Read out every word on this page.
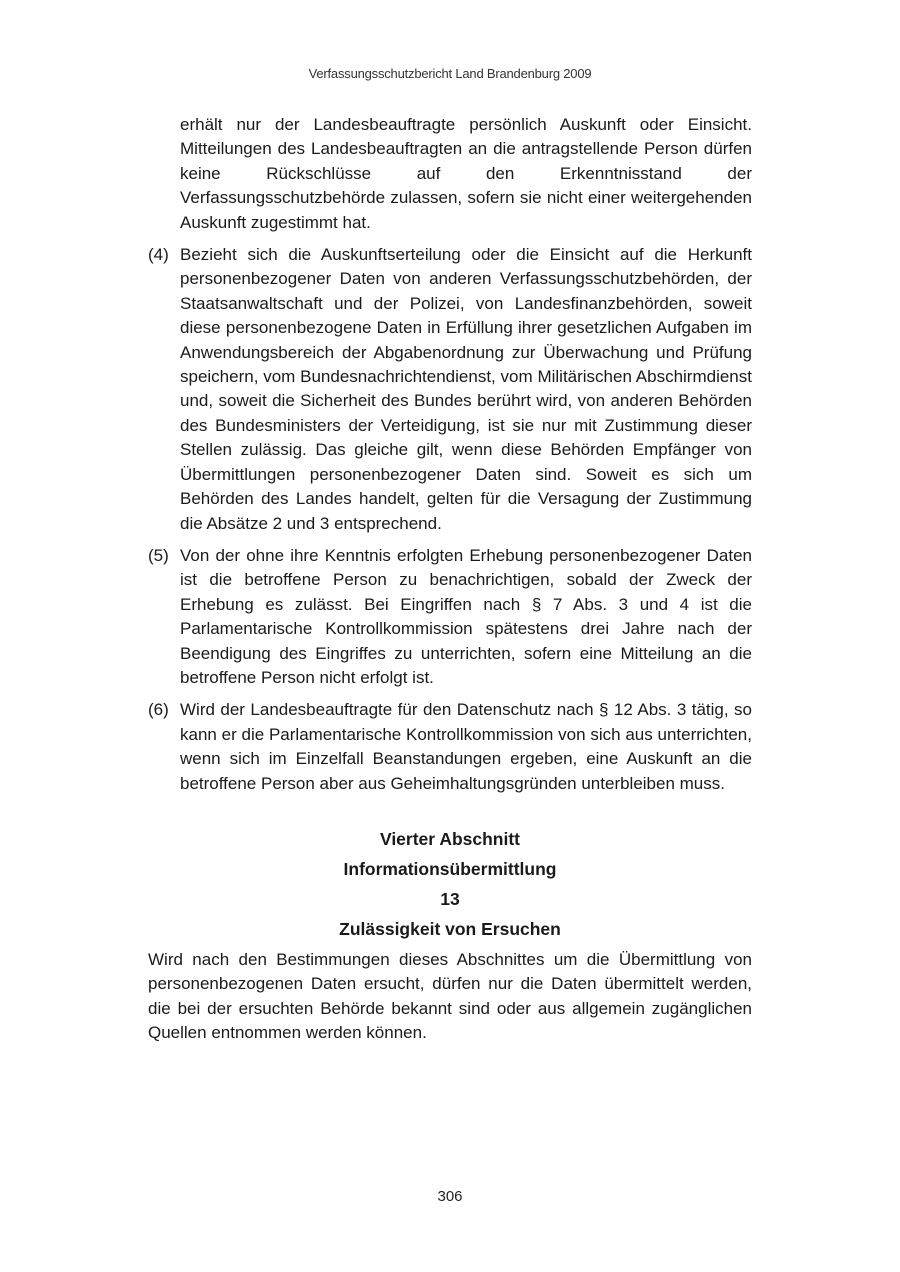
Verfassungsschutzbericht Land Brandenburg 2009

erhält nur der Landesbeauftragte persönlich Auskunft oder Einsicht. Mitteilungen des Landesbeauftragten an die antragstellende Person dürfen keine Rückschlüsse auf den Erkenntnisstand der Verfassungsschutzbehörde zulassen, sofern sie nicht einer weitergehenden Auskunft zugestimmt hat.

(4) Bezieht sich die Auskunftserteilung oder die Einsicht auf die Herkunft personenbezogener Daten von anderen Verfassungsschutzbehörden, der Staatsanwaltschaft und der Polizei, von Landesfinanzbehörden, soweit diese personenbezogene Daten in Erfüllung ihrer gesetzlichen Aufgaben im Anwendungsbereich der Abgabenordnung zur Überwachung und Prüfung speichern, vom Bundesnachrichtendienst, vom Militärischen Abschirmdienst und, soweit die Sicherheit des Bundes berührt wird, von anderen Behörden des Bundesministers der Verteidigung, ist sie nur mit Zustimmung dieser Stellen zulässig. Das gleiche gilt, wenn diese Behörden Empfänger von Übermittlungen personenbezogener Daten sind. Soweit es sich um Behörden des Landes handelt, gelten für die Versagung der Zustimmung die Absätze 2 und 3 entsprechend.
(5) Von der ohne ihre Kenntnis erfolgten Erhebung personenbezogener Daten ist die betroffene Person zu benachrichtigen, sobald der Zweck der Erhebung es zulässt. Bei Eingriffen nach § 7 Abs. 3 und 4 ist die Parlamentarische Kontrollkommission spätestens drei Jahre nach der Beendigung des Eingriffes zu unterrichten, sofern eine Mitteilung an die betroffene Person nicht erfolgt ist.
(6) Wird der Landesbeauftragte für den Datenschutz nach § 12 Abs. 3 tätig, so kann er die Parlamentarische Kontrollkommission von sich aus unterrichten, wenn sich im Einzelfall Beanstandungen ergeben, eine Auskunft an die betroffene Person aber aus Geheimhaltungsgründen unterbleiben muss.
Vierter Abschnitt
Informationsübermittlung
13
Zulässigkeit von Ersuchen

Wird nach den Bestimmungen dieses Abschnittes um die Übermittlung von personenbezogenen Daten ersucht, dürfen nur die Daten übermittelt werden, die bei der ersuchten Behörde bekannt sind oder aus allgemein zugänglichen Quellen entnommen werden können.

306
